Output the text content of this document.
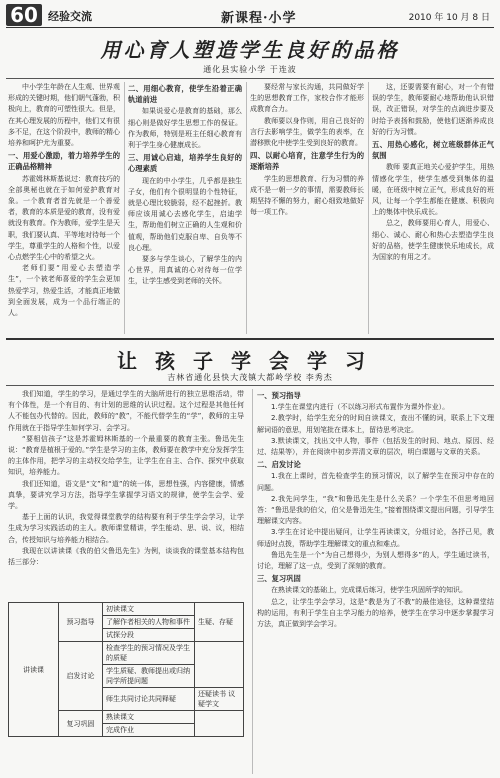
60 经验交流	新课程·小学	2010 年 10 月 8 日
用心育人塑造学生良好的品格
通化县实验小学 于连波

中小学生年龄在人生观、世界观形成的关键时期，他们朝气蓬勃，积极向上，教育的可塑性很大。但是，在其心理发展的历程中，他们又有很多不足，在这个阶段中，教师的精心培养和呵护尤为重要。

一、用爱心激励，着力培养学生的正确品格精神

苏霍姆林斯基说过：教育技巧的全部奥秘也就在于如何爱护教育对象。一个教育者首先就是一个善爱者，教育的本质是爱的教育，没有爱就没有教育。作为教师，爱学生是天职，我们要认真、平等地对待每一个学生，尊重学生的人格和个性，以爱心点燃学生心中的希望之火。

老师们要“用爱心去塑造学生”，一个被老师喜爱的学生会更加热爱学习，热爱生活，才能真正地做到全面发展，成为一个品行端正的人。

二、用细心教育，使学生沿着正确轨道前进

如果说爱心是教育的基础，那么细心则是做好学生思想工作的保证。作为教师，特别是班主任细心教育有利于学生身心健康成长。

三、用诚心启迪，培养学生良好的心理素质

现在的中小学生，几乎都是独生子女，他们有个很明显的个性特征，就是心理比较脆弱，经不起挫折。教师应该用诚心去感化学生，启迪学生，帮助他们树立正确的人生观和价值观，帮助他们克服自卑、自负等不良心理。

要多与学生谈心，了解学生的内心世界，用真诚的心对待每一位学生，让学生感受到老师的关怀。

要经常与家长沟通，共同做好学生的思想教育工作，家校合作才能形成教育合力。

教师要以身作则，用自己良好的言行去影响学生，做学生的表率，在潜移默化中使学生受到良好的教育。

四、以耐心培育，注意学生行为的逐渐培养

学生的思想教育、行为习惯的养成不是一朝一夕的事情，需要教师长期坚持不懈的努力，耐心细致地做好每一项工作。

这，还要需要有耐心，对一个有错误的学生，教师要耐心地帮助他认识错误，改正错误，对学生的点滴进步要及时给予表扬和鼓励，使他们逐渐养成良好的行为习惯。

五、用热心感化，树立班级群体正气氛围

教师 要真正地关心爱护学生，用热情感化学生，使学生感受到集体的温暖，在班级中树立正气，形成良好的班风，让每一个学生都能在健康、积极向上的集体中快乐成长。

总之，教师要用心育人，用爱心、细心、诚心、耐心和热心去塑造学生良好的品格，使学生健康快乐地成长，成为国家的有用之才。

让孩子学会学习
吉林省通化县快大茂镇大都岭学校 李秀杰

我们知道，学生的学习，是通过学生的大脑所进行的独立思维活动，带有个体性，是一个有目的、有计划的思维的认识过程。这个过程是其他任何人不能包办代替的。因此，教师的“教”，不能代替学生的“学”，教师的主导作用就在于指导学生如何学习、会学习。

“要相信孩子”这是苏霍姆林斯基的一个最重要的教育主张。鲁迅先生说：“教育是植根于爱的。”学生是学习的主体，教师要在教学中充分发挥学生的主体作用，把学习的主动权交给学生，让学生在自主、合作、探究中获取知识，培养能力。

我们还知道，语文是“文”和“道”的统一体，思想性强，内容健康，情感真挚，要讲究学习方法，指导学生掌握学习语文的规律，使学生会学、爱学。

基于上面的认识，我觉得课堂教学的结构要有利于学生学会学习，让学生成为学习实践活动的主人。教师课堂精讲，学生能动、思、说、议，相结合，传授知识与培养能力相结合。

我现在以讲读课《我的伯父鲁迅先生》为例，谈谈我的课堂基本结构包括三部分：

讲读课	预习指导	初读课文	生疑、存疑
		了解作者相关的人物和事件	
		试探分段	
	启发讨论	检查学生的预习情况及学生的质疑	
		学生质疑、教师提出或归纳同学所提问题	
		师生共同讨论共同释疑	还疑读书 议疑学文
	复习巩固	熟读课文	
		完成作业	
一、预习指导

1.学生在课堂内进行（不以练习形式布置作为课外作业）。

2.教学时，给学生充分的时间自读课文，查出不懂的词，联系上下文理解词语的意思，用划笔批在课本上，留待思考决定。

3.默读课文，找出文中人物，事件（包括发生的时间、地点、原因、经过、结果等），并在阅读中初步弄清文章的层次，明白课题与文章的关系。

二、启发讨论

1.我在上课时，首先检查学生的预习情况，以了解学生在预习中存在的问题。

2.我先问学生，“我”和鲁迅先生是什么关系？一个学生不但思考地回答：“鲁迅是我的伯父，伯父是鲁迅先生，”接着围绕课文提出问题，引导学生理解课文内容。

3.学生在讨论中提出疑问，让学生再读课文，分组讨论，各抒己见，教师适时点拨，帮助学生理解课文的重点和难点。

鲁迅先生是一个“为自己想得少，为别人想得多”的人，学生通过读书，讨论，理解了这一点，受到了深刻的教育。

三、复习巩固

在熟读课文的基础上，完成课后练习，使学生巩固所学的知识。

总之，让学生学会学习，这是“教是为了不教”的最佳途径，这种课堂结构的运用，有利于学生自主学习能力的培养，使学生在学习中逐步掌握学习方法，真正做到学会学习。
